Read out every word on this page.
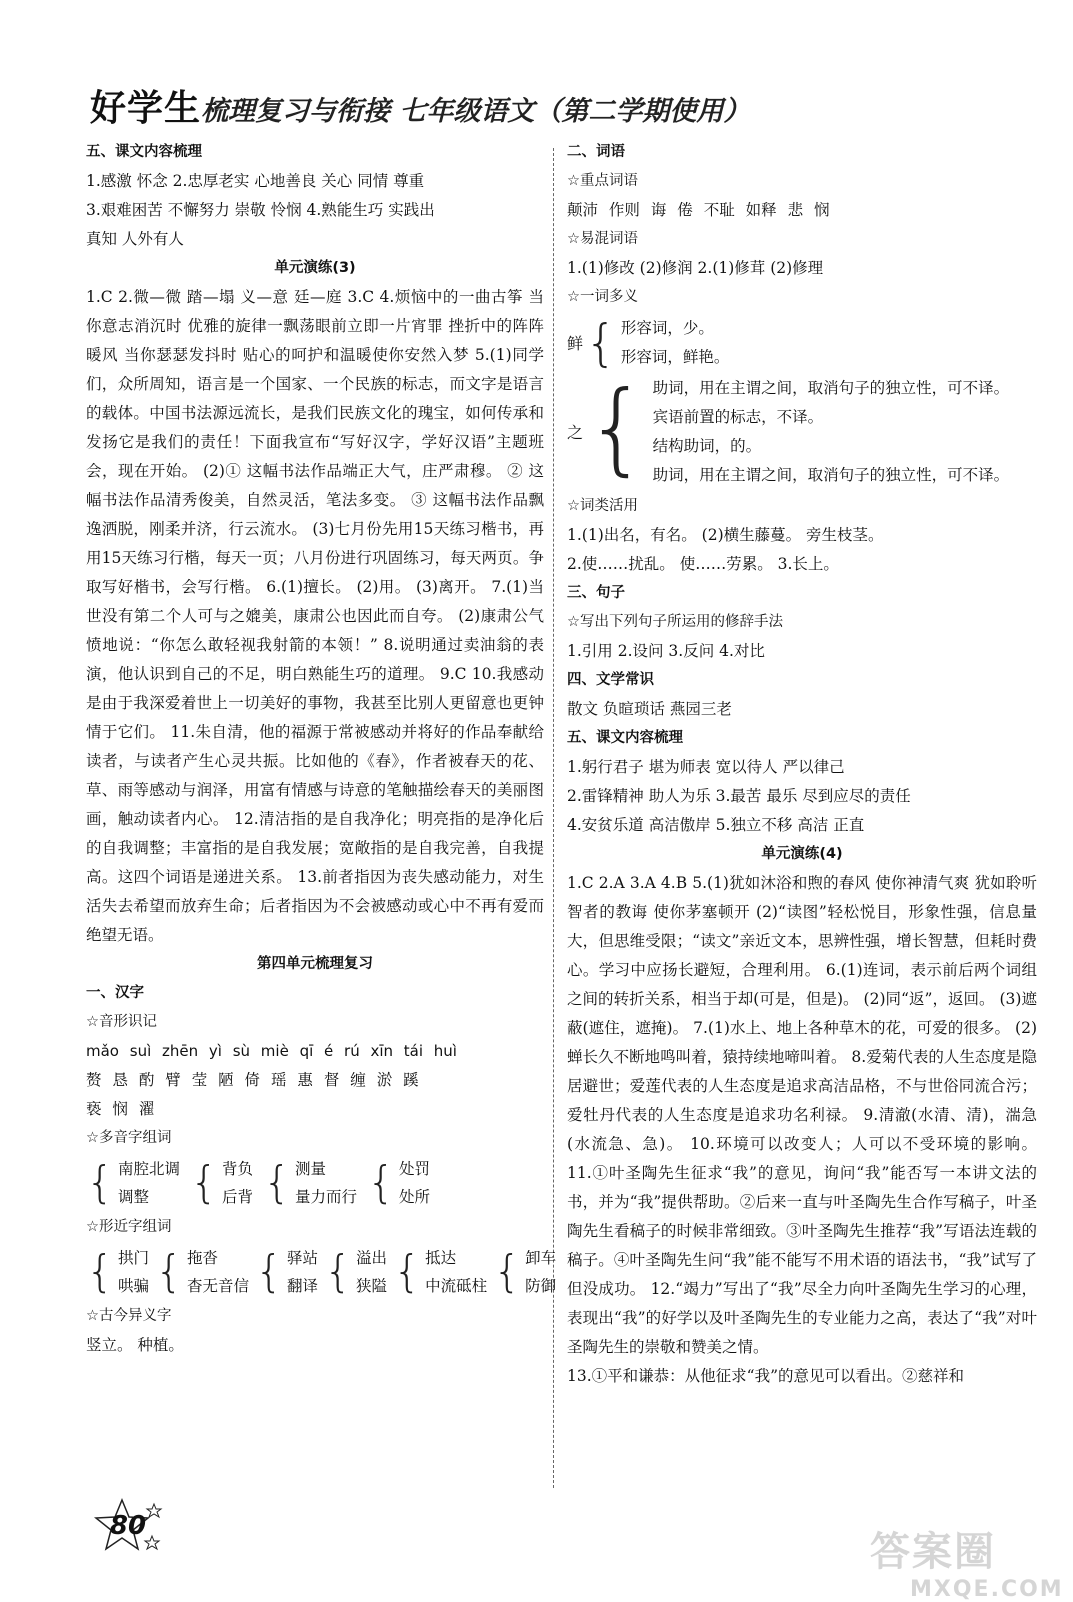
好学生梳理复习与衔接 七年级语文（第二学期使用）
五、课文内容梳理
1.感激 怀念 2.忠厚老实 心地善良 关心 同情 尊重
3.艰难困苦 不懈努力 崇敬 怜悯 4.熟能生巧 实践出
真知 人外有人
单元演练(3)
1.C 2.微—微 踏—塌 义—意 廷—庭 3.C 4.烦恼中的一曲古筝 当你意志消沉时 优雅的旋律一飘荡眼前立即一片宵罪 挫折中的阵阵暖风 当你瑟瑟发抖时 贴心的呵护和温暖使你安然入梦 5.(1)同学们，众所周知，语言是一个国家、一个民族的标志，而文字是语言的载体。中国书法源远流长，是我们民族文化的瑰宝，如何传承和发扬它是我们的责任！下面我宣布“写好汉字，学好汉语”主题班会，现在开始。 (2)① 这幅书法作品端正大气，庄严肃穆。 ② 这幅书法作品清秀俊美，自然灵活，笔法多变。 ③ 这幅书法作品飘逸洒脱，刚柔并济，行云流水。 (3)七月份先用15天练习楷书，再用15天练习行楷，每天一页；八月份进行巩固练习，每天两页。争取写好楷书，会写行楷。 6.(1)擅长。 (2)用。 (3)离开。 7.(1)当世没有第二个人可与之媲美，康肃公也因此而自夸。 (2)康肃公气愤地说：“你怎么敢轻视我射箭的本领！” 8.说明通过卖油翁的表演，他认识到自己的不足，明白熟能生巧的道理。 9.C 10.我感动是由于我深爱着世上一切美好的事物，我甚至比别人更留意也更钟情于它们。 11.朱自清，他的福源于常被感动并将好的作品奉献给读者，与读者产生心灵共振。比如他的《春》，作者被春天的花、草、雨等感动与润泽，用富有情感与诗意的笔触描绘春天的美丽图画，触动读者内心。 12.清洁指的是自我净化；明亮指的是净化后的自我调整；丰富指的是自我发展；宽敞指的是自我完善，自我提高。这四个词语是递进关系。 13.前者指因为丧失感动能力，对生活失去希望而放弃生命；后者指因为不会被感动或心中不再有爱而绝望无语。
第四单元梳理复习
一、汉字
☆音形识记
mǎo suì zhēn yì sù miè qī é rú xīn tái huì
赘 恳 酌 臂 莹 陋 倚 瑶 惠 督 缠 淤 蹊
亵 悯 濯
☆多音字组词
{ 南腔北调
调整 { 背负
后背 { 测量
量力而行 { 处罚
处所
☆形近字组词
{ 拱门
哄骗 { 拖沓
杳无音信 { 驿站
翻译 { 溢出
狭隘 { 抵达
中流砥柱 { 卸车
防御
☆古今异义字
竖立。 种植。
二、词语
☆重点词语
颠沛 作则 诲 倦 不耻 如释 悲 悯
☆易混词语
1.(1)修改 (2)修润 2.(1)修茸 (2)修理
☆一词多义
鲜 { 形容词，少。
形容词，鲜艳。
之 { 助词，用在主谓之间，取消句子的独立性，可不译。
宾语前置的标志，不译。
结构助词，的。
助词，用在主谓之间，取消句子的独立性，可不译。
☆词类活用
1.(1)出名，有名。 (2)横生藤蔓。 旁生枝茎。
2.使……扰乱。 使……劳累。 3.长上。
三、句子
☆写出下列句子所运用的修辞手法
1.引用 2.设问 3.反问 4.对比
四、文学常识
散文 负暄琐话 燕园三老
五、课文内容梳理
1.躬行君子 堪为师表 宽以待人 严以律己
2.雷锋精神 助人为乐 3.最苦 最乐 尽到应尽的责任
4.安贫乐道 高洁傲岸 5.独立不移 高洁 正直
单元演练(4)
1.C 2.A 3.A 4.B 5.(1)犹如沐浴和煦的春风 使你神清气爽 犹如聆听智者的教诲 使你茅塞顿开 (2)“读图”轻松悦目，形象性强，信息量大，但思维受限；“读文”亲近文本，思辨性强，增长智慧，但耗时费心。学习中应扬长避短，合理利用。 6.(1)连词，表示前后两个词组之间的转折关系，相当于却(可是，但是)。 (2)同“返”，返回。 (3)遮蔽(遮住，遮掩)。 7.(1)水上、地上各种草木的花，可爱的很多。 (2)蝉长久不断地鸣叫着，猿持续地啼叫着。 8.爱菊代表的人生态度是隐居避世；爱莲代表的人生态度是追求高洁品格，不与世俗同流合污；爱牡丹代表的人生态度是追求功名利禄。 9.清澈(水清、清)，湍急(水流急、急)。 10.环境可以改变人；人可以不受环境的影响。 11.①叶圣陶先生征求“我”的意见，询问“我”能否写一本讲文法的书，并为“我”提供帮助。②后来一直与叶圣陶先生合作写稿子，叶圣陶先生看稿子的时候非常细致。③叶圣陶先生推荐“我”写语法连载的稿子。④叶圣陶先生问“我”能不能写不用术语的语法书，“我”试写了但没成功。 12.“竭力”写出了“我”尽全力向叶圣陶先生学习的心理，表现出“我”的好学以及叶圣陶先生的专业能力之高，表达了“我”对叶圣陶先生的崇敬和赞美之情。
13.①平和谦恭：从他征求“我”的意见可以看出。②慈祥和
80
答案圈
MXQE.COM
